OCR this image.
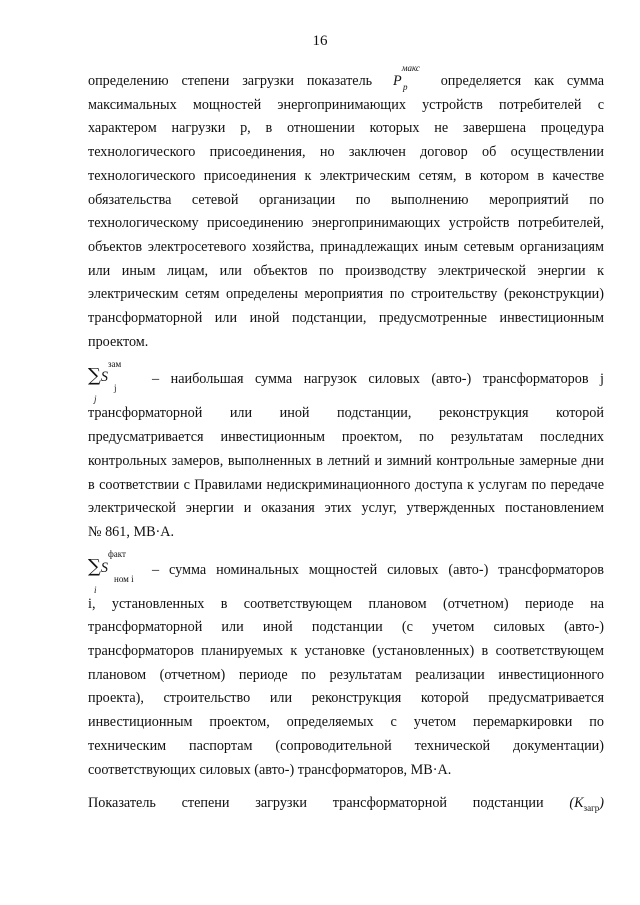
16
определению степени загрузки показатель $P^{макс}$
p определяется как сумма
максимальных мощностей энергопринимающих устройств потребителей с
характером нагрузки р, в отношении которых не завершена процедура
технологического присоединения, но заключен договор об осуществлении
технологического присоединения к электрическим сетям, в котором в качестве
обязательства сетевой организации по выполнению мероприятий по
технологическому присоединению энергопринимающих устройств потребителей,
объектов электросетевого хозяйства, принадлежащих иным сетевым организациям
или иным лицам, или объектов по производству электрической энергии к
электрическим сетям определены мероприятия по строительству (реконструкции)
трансформаторной или иной подстанции, предусмотренные инвестиционным
проектом.
$\sum S^{зам}$
j
j
– наибольшая сумма нагрузок силовых (авто-) трансформаторов j
трансформаторной или иной подстанции, реконструкция которой
предусматривается инвестиционным проектом, по результатам последних
контрольных замеров, выполненных в летний и зимний контрольные замерные дни
в соответствии с Правилами недискриминационного доступа к услугам по передаче
электрической энергии и оказания этих услуг, утвержденных постановлением
№ 861, МВ·А.
$\sum S^{факт}$
ном i
i
– сумма номинальных мощностей силовых (авто-) трансформаторов
i, установленных в соответствующем плановом (отчетном) периоде на
трансформаторной или иной подстанции (с учетом силовых (авто-)
трансформаторов планируемых к установке (установленных) в соответствующем
плановом (отчетном) периоде по результатам реализации инвестиционного
проекта), строительство или реконструкция которой предусматривается
инвестиционным проектом, определяемых с учетом перемаркировки по
техническим паспортам (сопроводительной технической документации)
соответствующих силовых (авто-) трансформаторов, МВ·А.
Показатель степени загрузки трансформаторной подстанции $(K_{загр})$
